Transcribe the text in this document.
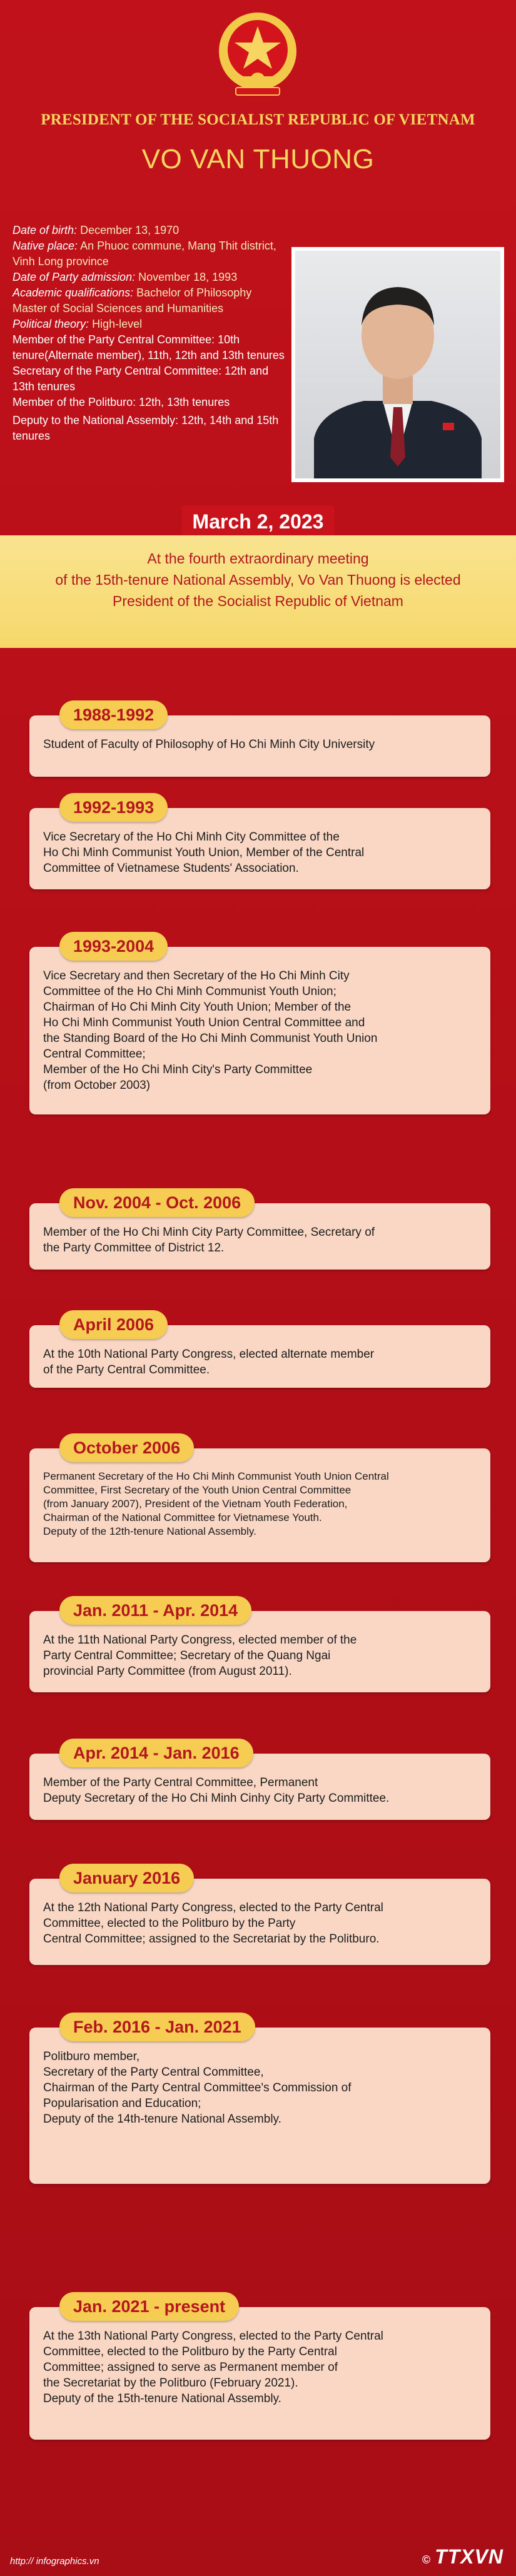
PRESIDENT OF THE SOCIALIST REPUBLIC OF VIETNAM
VO VAN THUONG
Date of birth: December 13, 1970
Native place: An Phuoc commune, Mang Thit district, Vinh Long province
Date of Party admission: November 18, 1993
Academic qualifications: Bachelor of Philosophy
Master of Social Sciences and Humanities
Political theory: High-level
Member of the Party Central Committee: 10th tenure(Alternate member), 11th, 12th and 13th tenures
Secretary of the Party Central Committee: 12th and 13th tenures
Member of the Politburo: 12th, 13th tenures
Deputy to the National Assembly: 12th, 14th and 15th tenures
March 2, 2023
At the fourth extraordinary meeting
of the 15th-tenure National Assembly, Vo Van Thuong is elected
President of the Socialist Republic of Vietnam
1988-1992
Student of Faculty of Philosophy of Ho Chi Minh City University
1992-1993
Vice Secretary of the Ho Chi Minh City Committee of the
Ho Chi Minh Communist Youth Union, Member of the Central
Committee of Vietnamese Students' Association.
1993-2004
Vice Secretary and then Secretary of the Ho Chi Minh City
Committee of the Ho Chi Minh Communist Youth Union;
Chairman of Ho Chi Minh City Youth Union; Member of the
Ho Chi Minh Communist Youth Union Central Committee and
the Standing Board of the Ho Chi Minh Communist Youth Union
Central Committee;
Member of the Ho Chi Minh City's Party Committee
(from October 2003)
Nov. 2004 - Oct. 2006
Member of the Ho Chi Minh City Party Committee, Secretary of
the Party Committee of District 12.
April 2006
At the 10th National Party Congress, elected alternate member
of the Party Central Committee.
October 2006
Permanent Secretary of the Ho Chi Minh Communist Youth Union Central
Committee, First Secretary of the Youth Union Central Committee
(from January 2007), President of the Vietnam Youth Federation,
Chairman of the National Committee for Vietnamese Youth.
Deputy of the 12th-tenure National Assembly.
Jan. 2011 - Apr. 2014
At the 11th National Party Congress, elected member of the
Party Central Committee; Secretary of the Quang Ngai
provincial Party Committee (from August 2011).
Apr. 2014 - Jan. 2016
Member of the Party Central Committee, Permanent
Deputy Secretary of the Ho Chi Minh Cinhy City Party Committee.
January 2016
At the 12th National Party Congress, elected to the Party Central
Committee, elected to the Politburo by the Party
Central Committee; assigned to the Secretariat by the Politburo.
Feb. 2016 - Jan. 2021
Politburo member,
Secretary of the Party Central Committee,
Chairman of the Party Central Committee's Commission of
Popularisation and Education;
Deputy of the 14th-tenure National Assembly.
Jan. 2021 - present
At the 13th National Party Congress, elected to the Party Central
Committee, elected to the Politburo by the Party Central
Committee; assigned to serve as Permanent member of
the Secretariat by the Politburo (February 2021).
Deputy of the 15th-tenure National Assembly.
http:// infographics.vn	© TTXVN
